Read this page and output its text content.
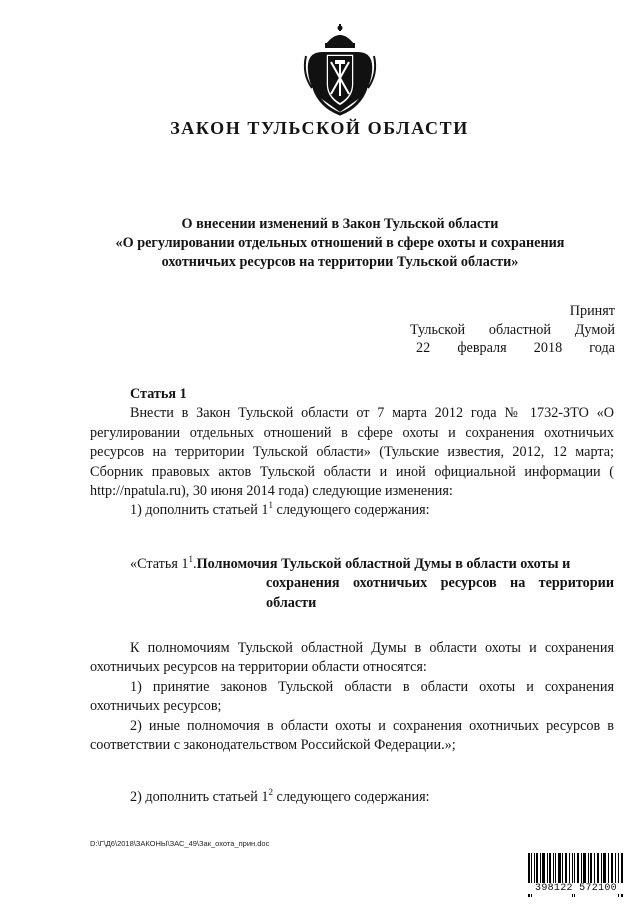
ЗАКОН ТУЛЬСКОЙ ОБЛАСТИ
О внесении изменений в Закон Тульской области
«О регулировании отдельных отношений в сфере охоты и сохранения
охотничьих ресурсов на территории Тульской области»
Принят
Тульской областной Думой
22 февраля 2018 года

Статья 1

Внести в Закон Тульской области от 7 марта 2012 года № 1732-ЗТО «О регулировании отдельных отношений в сфере охоты и сохранения охотничьих ресурсов на территории Тульской области» (Тульские известия, 2012, 12 марта; Сборник правовых актов Тульской области и иной официальной информации ( http://npatula.ru), 30 июня 2014 года) следующие изменения:

1) дополнить статьей $1^1$ следующего содержания:

«Статья $1^1$. Полномочия Тульской областной Думы в области охоты и
сохранения охотничьих ресурсов на территории области

К полномочиям Тульской областной Думы в области охоты и сохранения охотничьих ресурсов на территории области относятся:

1) принятие законов Тульской области в области охоты и сохранения охотничьих ресурсов;

2) иные полномочия в области охоты и сохранения охотничьих ресурсов в соответствии с законодательством Российской Федерации.»;

2) дополнить статьей $1^2$ следующего содержания:

D:\Г\Д6\2018\ЗАКОНЫ\ЗАС_49\Зак_охота_прин.doc
398122 572100
